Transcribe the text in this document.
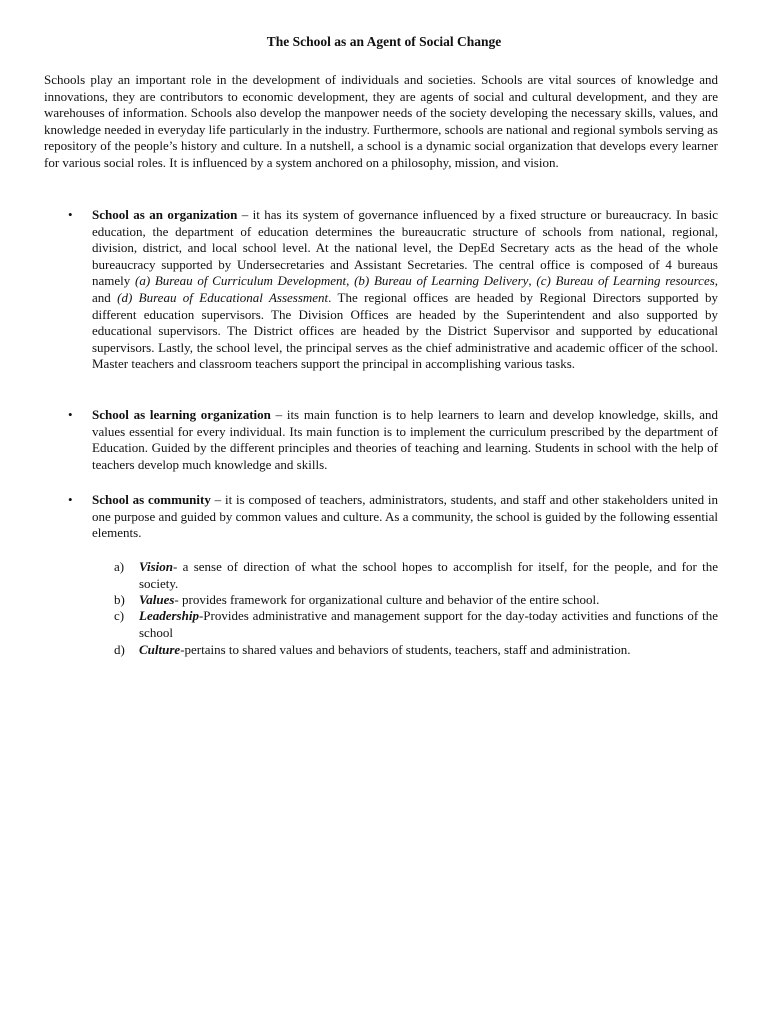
The School as an Agent of Social Change

Schools play an important role in the development of individuals and societies. Schools are vital sources of knowledge and innovations, they are contributors to economic development, they are agents of social and cultural development, and they are warehouses of information. Schools also develop the manpower needs of the society developing the necessary skills, values, and knowledge needed in everyday life particularly in the industry. Furthermore, schools are national and regional symbols serving as repository of the people’s history and culture. In a nutshell, a school is a dynamic social organization that develops every learner for various social roles. It is influenced by a system anchored on a philosophy, mission, and vision.

• School as an organization – it has its system of governance influenced by a fixed structure or bureaucracy. In basic education, the department of education determines the bureaucratic structure of schools from national, regional, division, district, and local school level. At the national level, the DepEd Secretary acts as the head of the whole bureaucracy supported by Undersecretaries and Assistant Secretaries. The central office is composed of 4 bureaus namely (a) Bureau of Curriculum Development, (b) Bureau of Learning Delivery, (c) Bureau of Learning resources, and (d) Bureau of Educational Assessment. The regional offices are headed by Regional Directors supported by different education supervisors. The Division Offices are headed by the Superintendent and also supported by educational supervisors. The District offices are headed by the District Supervisor and supported by educational supervisors. Lastly, the school level, the principal serves as the chief administrative and academic officer of the school. Master teachers and classroom teachers support the principal in accomplishing various tasks.

• School as learning organization – its main function is to help learners to learn and develop knowledge, skills, and values essential for every individual. Its main function is to implement the curriculum prescribed by the department of Education. Guided by the different principles and theories of teaching and learning. Students in school with the help of teachers develop much knowledge and skills.

• School as community – it is composed of teachers, administrators, students, and staff and other stakeholders united in one purpose and guided by common values and culture. As a community, the school is guided by the following essential elements.

a) Vision- a sense of direction of what the school hopes to accomplish for itself, for the people, and for the society.

b) Values- provides framework for organizational culture and behavior of the entire school.

c) Leadership-Provides administrative and management support for the day-today activities and functions of the school

d) Culture-pertains to shared values and behaviors of students, teachers, staff and administration.
